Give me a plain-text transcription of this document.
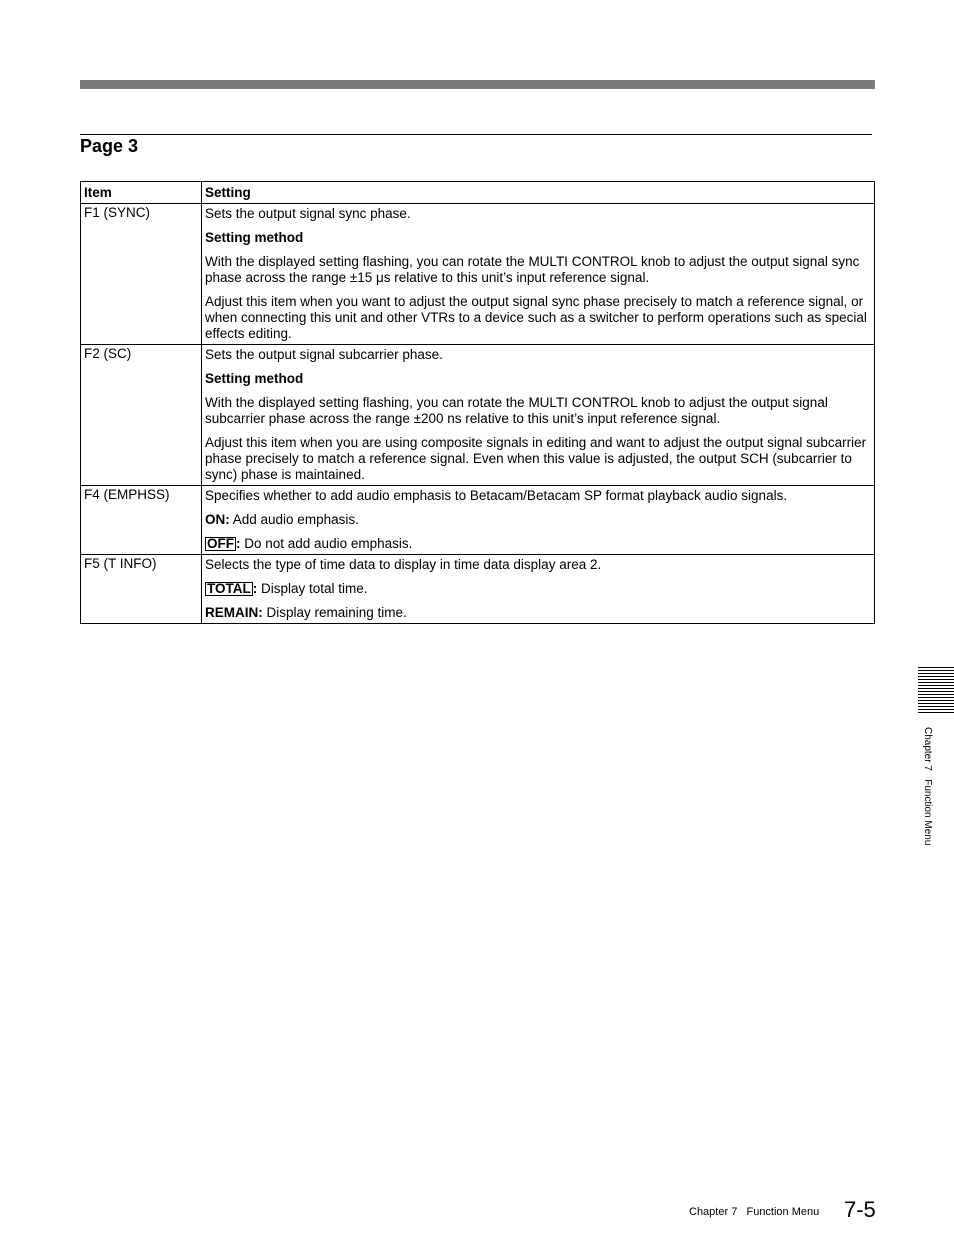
Page 3
Item	Setting
F1 (SYNC)	Sets the output signal sync phase.

Setting method

With the displayed setting flashing, you can rotate the MULTI CONTROL knob to adjust the output signal sync phase across the range ±15 μs relative to this unit’s input reference signal.

Adjust this item when you want to adjust the output signal sync phase precisely to match a reference signal, or when connecting this unit and other VTRs to a device such as a switcher to perform operations such as special effects editing.

F2 (SC)	Sets the output signal subcarrier phase.

Setting method

With the displayed setting flashing, you can rotate the MULTI CONTROL knob to adjust the output signal subcarrier phase across the range ±200 ns relative to this unit’s input reference signal.

Adjust this item when you are using composite signals in editing and want to adjust the output signal subcarrier phase precisely to match a reference signal. Even when this value is adjusted, the output SCH (subcarrier to sync) phase is maintained.

F4 (EMPHSS)	Specifies whether to add audio emphasis to Betacam/Betacam SP format playback audio signals.

ON: Add audio emphasis.

OFF : Do not add audio emphasis.

F5 (T INFO)	Selects the type of time data to display in time data display area 2.

TOTAL : Display total time.

REMAIN: Display remaining time.

Chapter 7   Function Menu
Chapter 7   Function Menu 7-5
